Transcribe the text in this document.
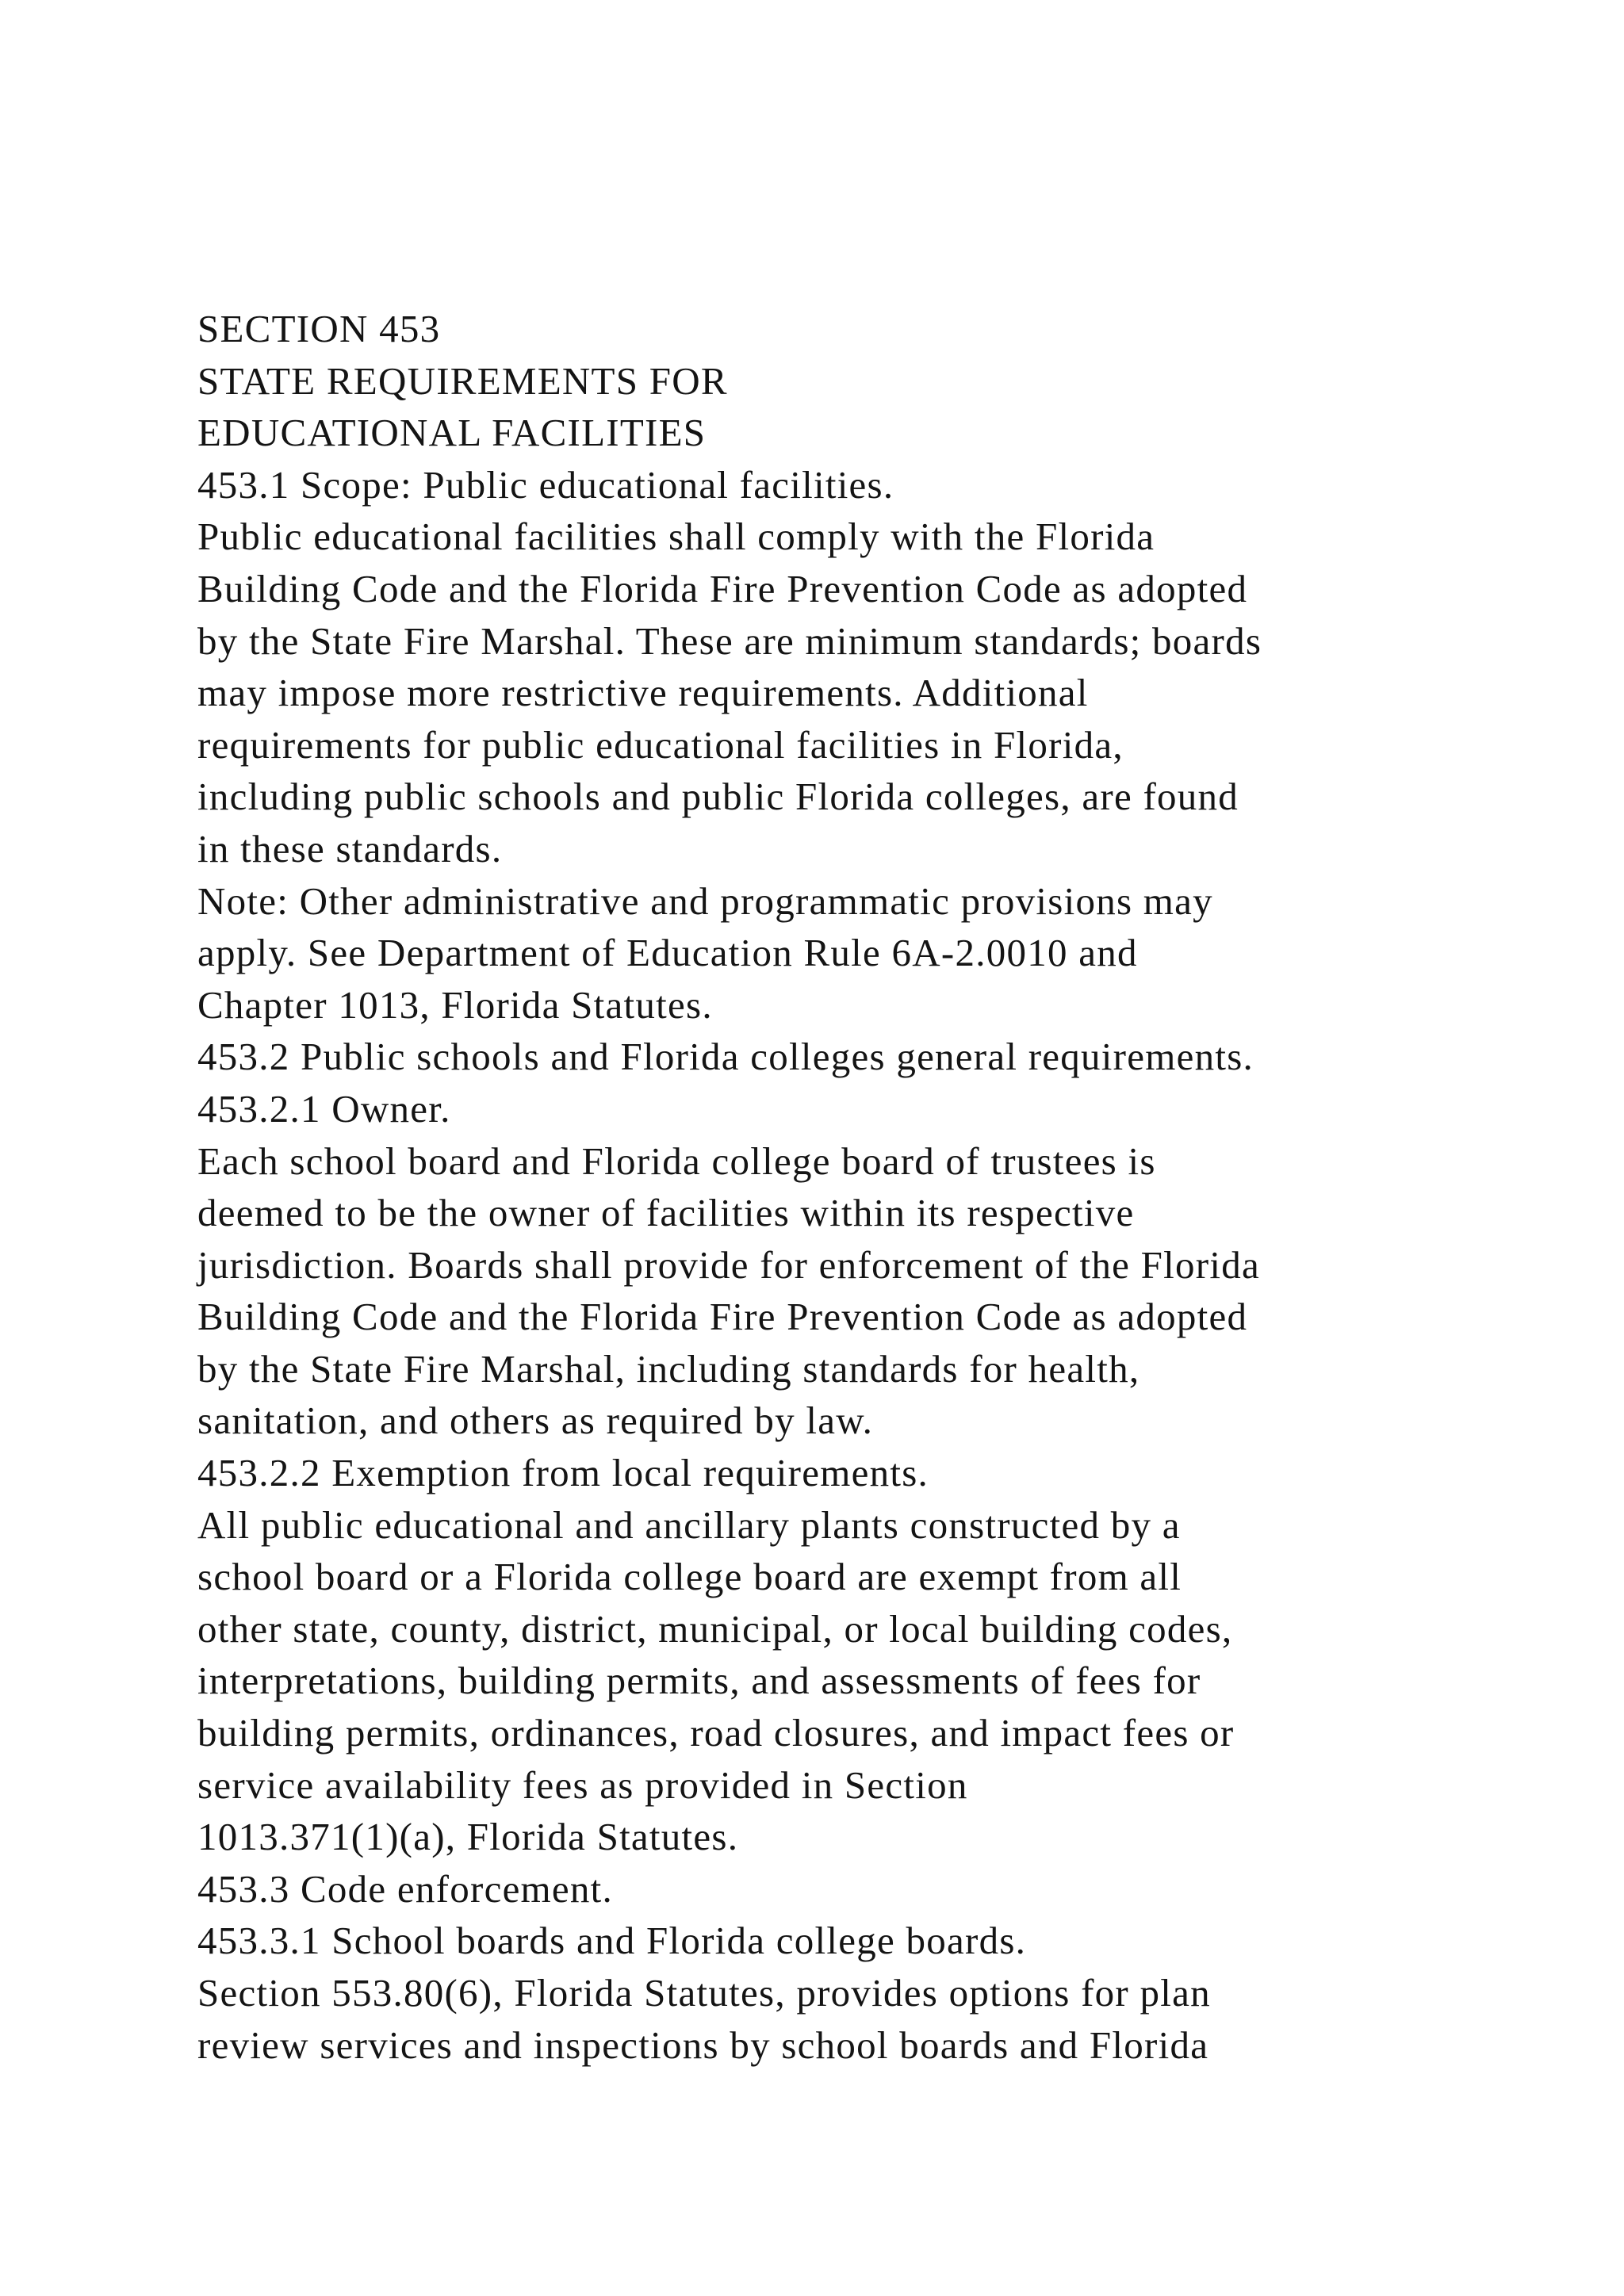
SECTION 453
STATE REQUIREMENTS FOR
EDUCATIONAL FACILITIES
453.1 Scope: Public educational facilities.
Public educational facilities shall comply with the Florida
Building Code and the Florida Fire Prevention Code as adopted
by the State Fire Marshal. These are minimum standards; boards
may impose more restrictive requirements. Additional
requirements for public educational facilities in Florida,
including public schools and public Florida colleges, are found
in these standards.
Note: Other administrative and programmatic provisions may
apply. See Department of Education Rule 6A-2.0010 and
Chapter 1013, Florida Statutes.
453.2 Public schools and Florida colleges general requirements.
453.2.1 Owner.
Each school board and Florida college board of trustees is
deemed to be the owner of facilities within its respective
jurisdiction. Boards shall provide for enforcement of the Florida
Building Code and the Florida Fire Prevention Code as adopted
by the State Fire Marshal, including standards for health,
sanitation, and others as required by law.
453.2.2 Exemption from local requirements.
All public educational and ancillary plants constructed by a
school board or a Florida college board are exempt from all
other state, county, district, municipal, or local building codes,
interpretations, building permits, and assessments of fees for
building permits, ordinances, road closures, and impact fees or
service availability fees as provided in Section
1013.371(1)(a), Florida Statutes.
453.3 Code enforcement.
453.3.1 School boards and Florida college boards.
Section 553.80(6), Florida Statutes, provides options for plan
review services and inspections by school boards and Florida
